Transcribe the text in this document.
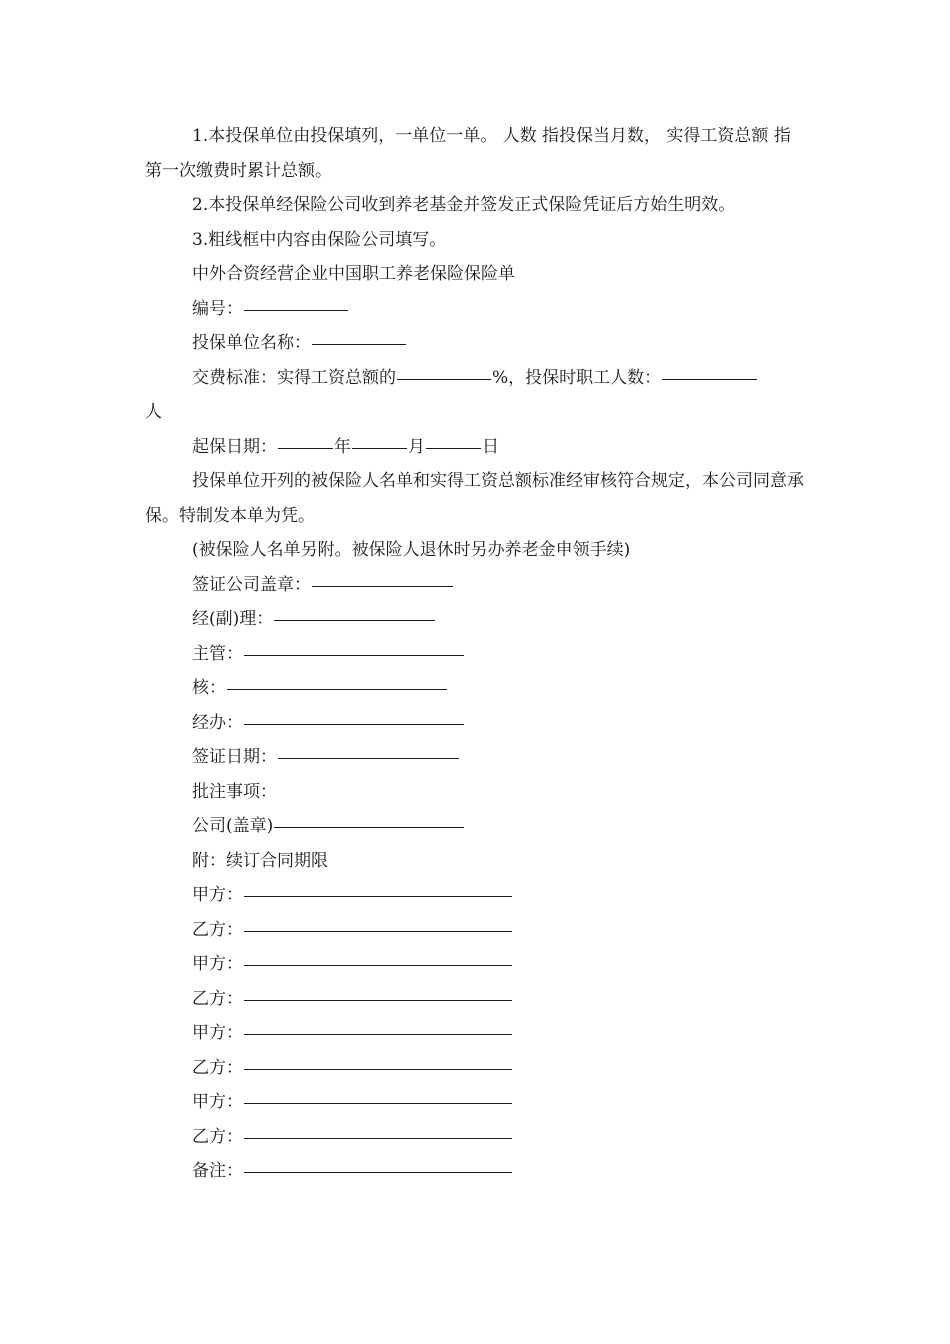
1.本投保单位由投保填列，一单位一单。 人数 指投保当月数， 实得工资总额 指第一次缴费时累计总额。

2.本投保单经保险公司收到养老基金并签发正式保险凭证后方始生明效。

3.粗线框中内容由保险公司填写。

中外合资经营企业中国职工养老保险保险单

编号：

投保单位名称：

交费标准：实得工资总额的	%，投保时职工人数：

人

起保日期：	年	月	日

投保单位开列的被保险人名单和实得工资总额标准经审核符合规定，本公司同意承保。特制发本单为凭。

(被保险人名单另附。被保险人退休时另办养老金申领手续)

签证公司盖章：

经(副)理：

主管：

核：

经办：

签证日期：

批注事项：

公司(盖章)

附：续订合同期限

甲方：

乙方：

甲方：

乙方：

甲方：

乙方：

甲方：

乙方：

备注：
